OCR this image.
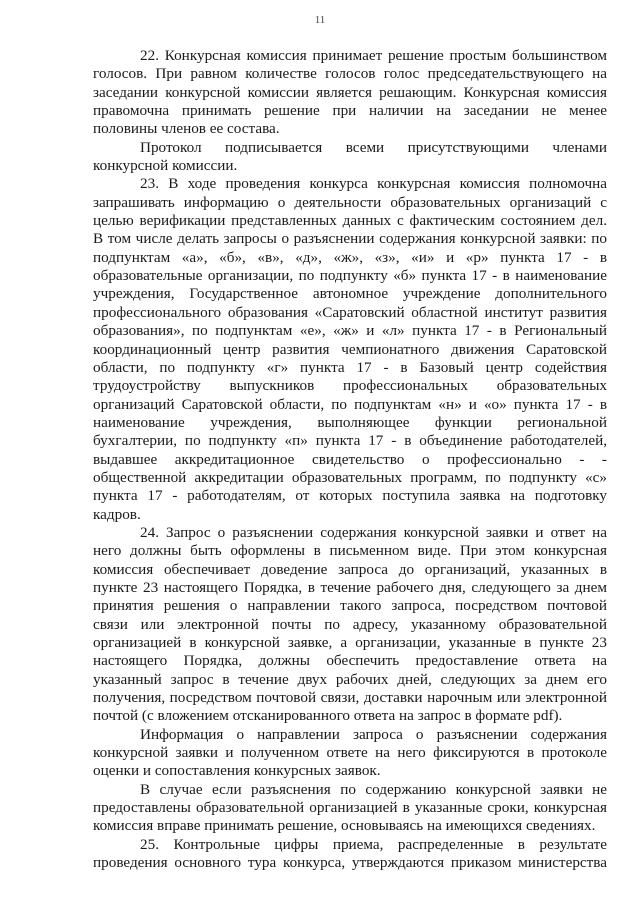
11
22. Конкурсная комиссия принимает решение простым большинством
голосов. При равном количестве голосов голос председательствующего на
заседании конкурсной комиссии является решающим. Конкурсная комиссия
правомочна принимать решение при наличии на заседании не менее
половины членов ее состава.
Протокол подписывается всеми присутствующими членами
конкурсной комиссии.
23. В ходе проведения конкурса конкурсная комиссия полномочна
запрашивать информацию о деятельности образовательных организаций с
целью верификации представленных данных с фактическим состоянием дел.
В том числе делать запросы о разъяснении содержания конкурсной заявки: по
подпунктам «а», «б», «в», «д», «ж», «з», «и» и «р» пункта 17 - в
образовательные организации, по подпункту «б» пункта 17 - в наименование
учреждения, Государственное автономное учреждение дополнительного
профессионального образования «Саратовский областной институт развития
образования», по подпунктам «е», «ж» и «л» пункта 17 - в Региональный
координационный центр развития чемпионатного движения Саратовской
области, по подпункту «г» пункта 17 - в Базовый центр содействия
трудоустройству выпускников профессиональных образовательных
организаций Саратовской области, по подпунктам «н» и «о» пункта 17 - в
наименование учреждения, выполняющее функции региональной
бухгалтерии, по подпункту «п» пункта 17 - в объединение работодателей,
выдавшее аккредитационное свидетельство о профессионально - -
общественной аккредитации образовательных программ, по подпункту «с»
пункта 17 - работодателям, от которых поступила заявка на подготовку
кадров.
24. Запрос о разъяснении содержания конкурсной заявки и ответ на
него должны быть оформлены в письменном виде. При этом конкурсная
комиссия обеспечивает доведение запроса до организаций, указанных в
пункте 23 настоящего Порядка, в течение рабочего дня, следующего за днем
принятия решения о направлении такого запроса, посредством почтовой
связи или электронной почты по адресу, указанному образовательной
организацией в конкурсной заявке, а организации, указанные в пункте 23
настоящего Порядка, должны обеспечить предоставление ответа на
указанный запрос в течение двух рабочих дней, следующих за днем его
получения, посредством почтовой связи, доставки нарочным или электронной
почтой (с вложением отсканированного ответа на запрос в формате pdf).
Информация о направлении запроса о разъяснении содержания
конкурсной заявки и полученном ответе на него фиксируются в протоколе
оценки и сопоставления конкурсных заявок.
В случае если разъяснения по содержанию конкурсной заявки не
предоставлены образовательной организацией в указанные сроки, конкурсная
комиссия вправе принимать решение, основываясь на имеющихся сведениях.
25. Контрольные цифры приема, распределенные в результате
проведения основного тура конкурса, утверждаются приказом министерства
